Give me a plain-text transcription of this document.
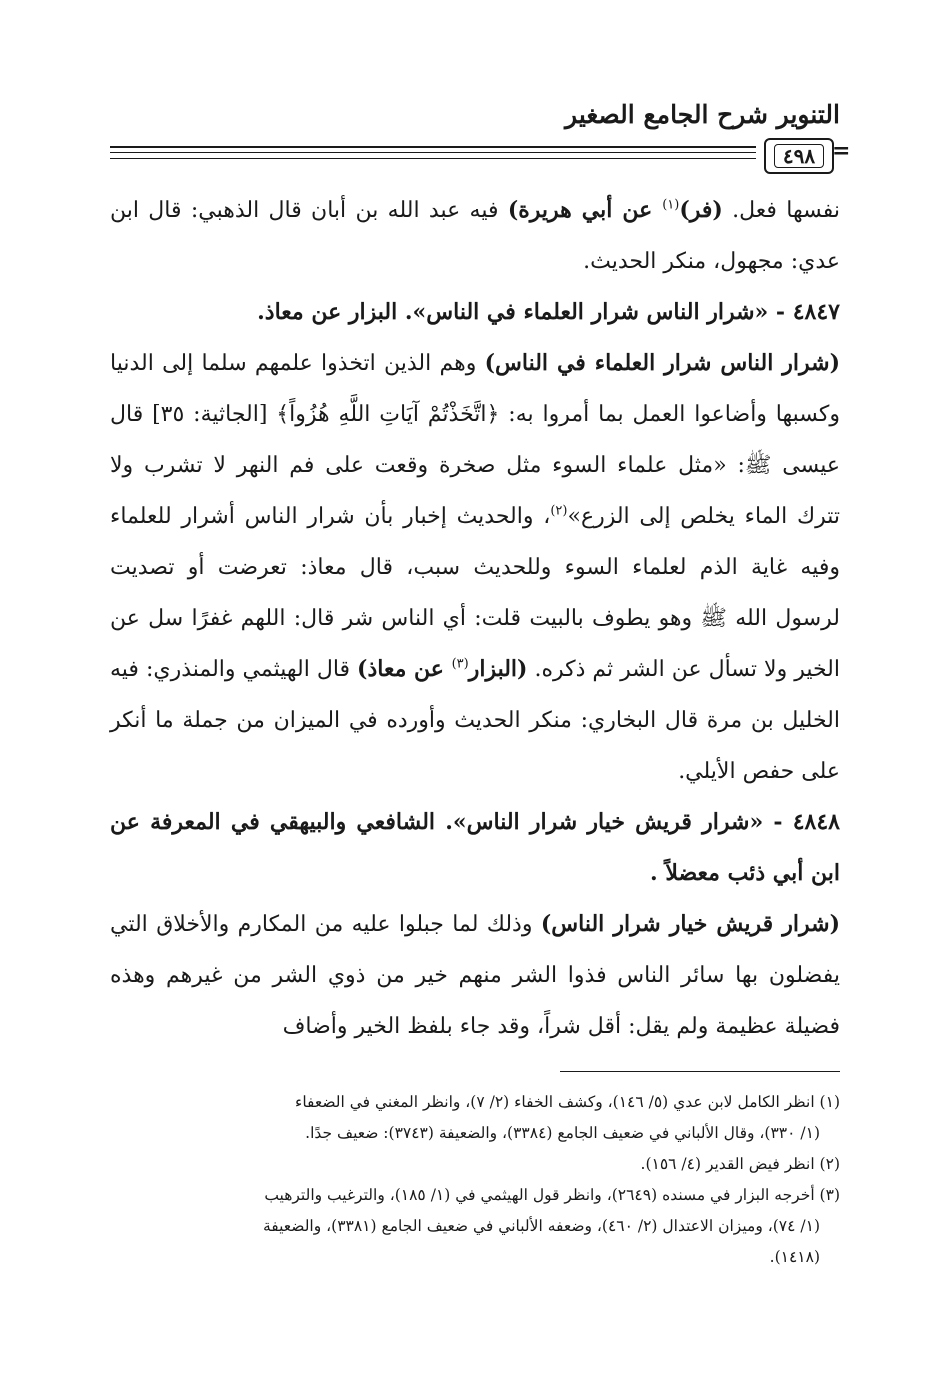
التنوير شرح الجامع الصغير
٤٩٨ =

نفسها فعل. (فر)$^{(١)}$ عن أبي هريرة) فيه عبد الله بن أبان قال الذهبي: قال ابن عدي: مجهول، منكر الحديث.

٤٨٤٧ - «شرار الناس شرار العلماء في الناس». البزار عن معاذ.

(شرار الناس شرار العلماء في الناس) وهم الذين اتخذوا علمهم سلما إلى الدنيا وكسبها وأضاعوا العمل بما أمروا به: ﴿اتَّخَذْتُمْ آيَاتِ اللَّهِ هُزُواً﴾ [الجاثية: ٣٥] قال عيسى ﷺ: «مثل علماء السوء مثل صخرة وقعت على فم النهر لا تشرب ولا تترك الماء يخلص إلى الزرع»$^{(٢)}$، والحديث إخبار بأن شرار الناس أشرار للعلماء وفيه غاية الذم لعلماء السوء وللحديث سبب، قال معاذ: تعرضت أو تصديت لرسول الله ﷺ وهو يطوف بالبيت قلت: أي الناس شر قال: اللهم غفرًا سل عن الخير ولا تسأل عن الشر ثم ذكره. (البزار$^{(٣)}$ عن معاذ) قال الهيثمي والمنذري: فيه الخليل بن مرة قال البخاري: منكر الحديث وأورده في الميزان من جملة ما أنكر على حفص الأيلي.

٤٨٤٨ - «شرار قريش خيار شرار الناس». الشافعي والبيهقي في المعرفة عن ابن أبي ذئب معضلاً .

(شرار قريش خيار شرار الناس) وذلك لما جبلوا عليه من المكارم والأخلاق التي يفضلون بها سائر الناس فذوا الشر منهم خير من ذوي الشر من غيرهم وهذه فضيلة عظيمة ولم يقل: أقل شراً، وقد جاء بلفظ الخير وأضاف

(١) انظر الكامل لابن عدي (٥/ ١٤٦)، وكشف الخفاء (٢/ ٧)، وانظر المغني في الضعفاء

(١/ ٣٣٠)، وقال الألباني في ضعيف الجامع (٣٣٨٤)، والضعيفة (٣٧٤٣): ضعيف جدًا.

(٢) انظر فيض القدير (٤/ ١٥٦).

(٣) أخرجه البزار في مسنده (٢٦٤٩)، وانظر قول الهيثمي في (١/ ١٨٥)، والترغيب والترهيب

(١/ ٧٤)، وميزان الاعتدال (٢/ ٤٦٠)، وضعفه الألباني في ضعيف الجامع (٣٣٨١)، والضعيفة

(١٤١٨).
